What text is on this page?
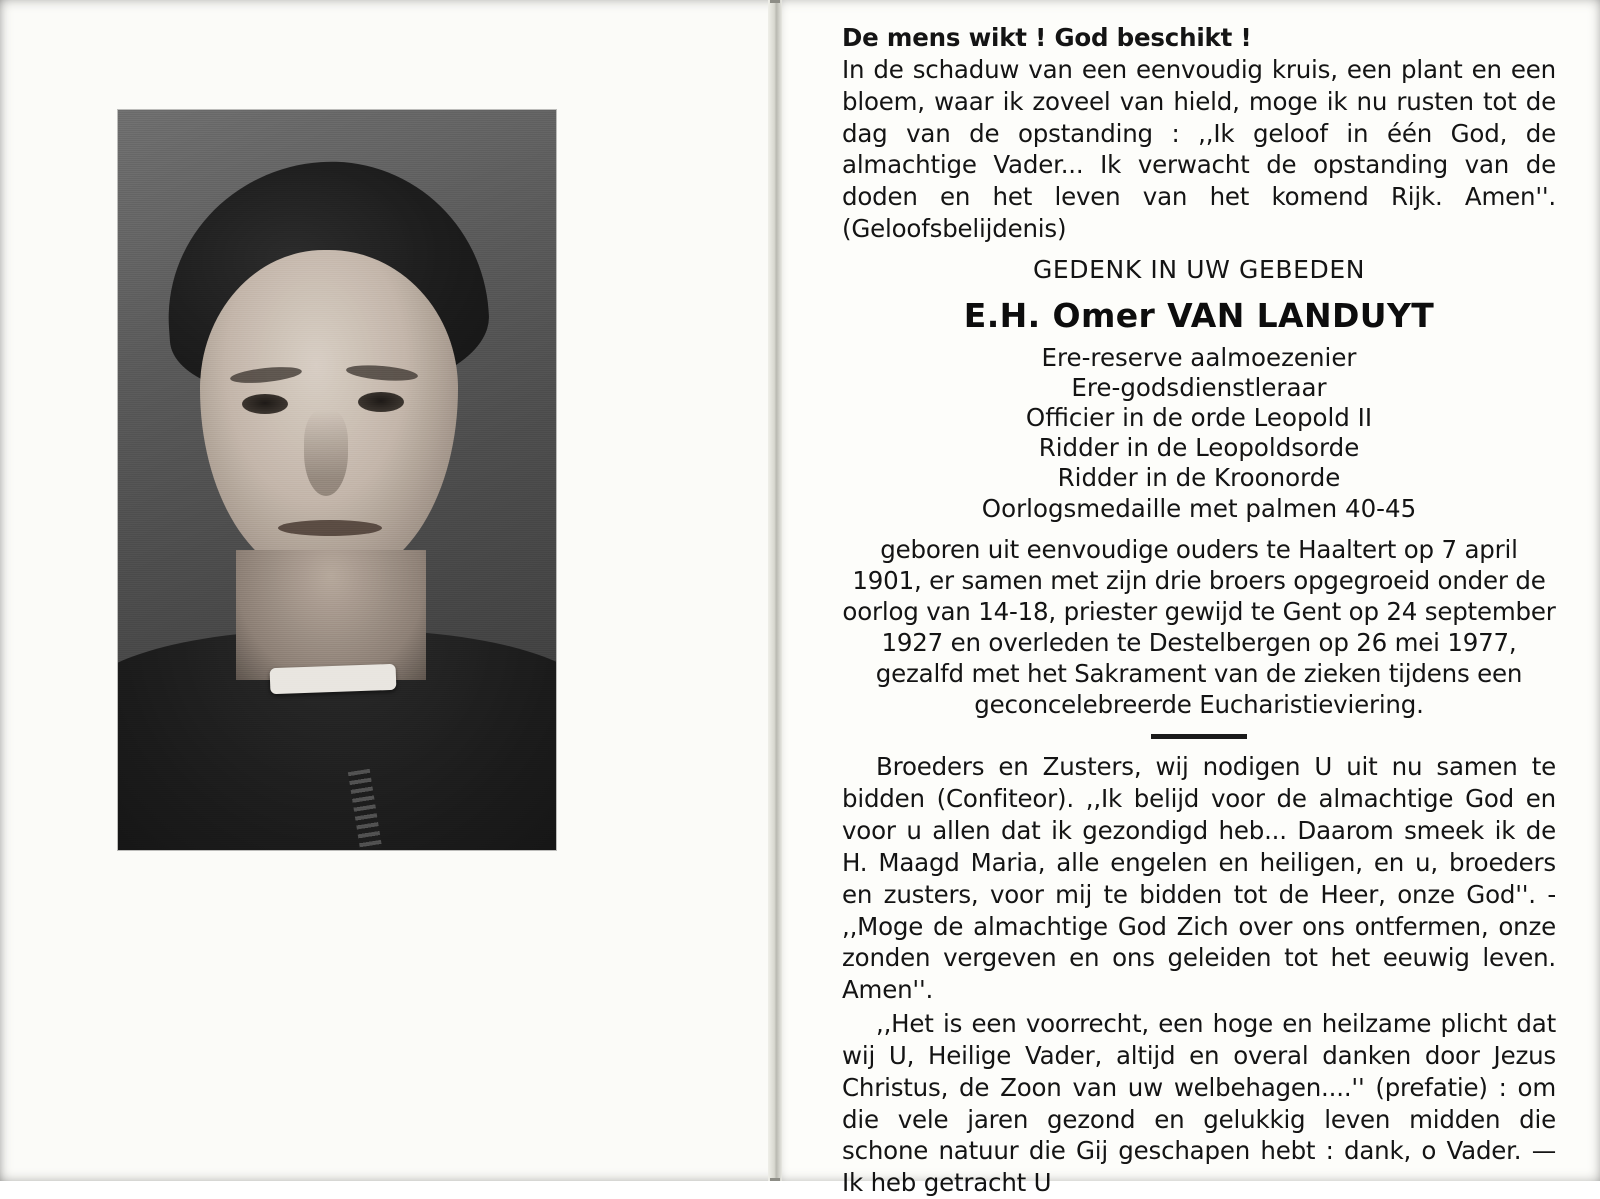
De mens wikt ! God beschikt !

In de schaduw van een eenvoudig kruis, een plant en een bloem, waar ik zoveel van hield, moge ik nu rusten tot de dag van de opstanding : ,,Ik geloof in één God, de almachtige Vader... Ik verwacht de opstanding van de doden en het leven van het komend Rijk. Amen''. (Geloofsbelijdenis)

GEDENK IN UW GEBEDEN

E.H. Omer VAN LANDUYT

Ere-reserve aalmoezenier

Ere-godsdienstleraar

Officier in de orde Leopold II

Ridder in de Leopoldsorde

Ridder in de Kroonorde

Oorlogsmedaille met palmen 40-45

geboren uit eenvoudige ouders te Haaltert op 7 april 1901, er samen met zijn drie broers opgegroeid onder de oorlog van 14-18, priester gewijd te Gent op 24 september 1927 en overleden te Destelbergen op 26 mei 1977, gezalfd met het Sakrament van de zieken tijdens een geconcelebreerde Eucharistieviering.

Broeders en Zusters, wij nodigen U uit nu samen te bidden (Confiteor). ,,Ik belijd voor de almachtige God en voor u allen dat ik gezondigd heb... Daarom smeek ik de H. Maagd Maria, alle engelen en heiligen, en u, broeders en zusters, voor mij te bidden tot de Heer, onze God''. - ,,Moge de almachtige God Zich over ons ontfermen, onze zonden vergeven en ons geleiden tot het eeuwig leven. Amen''.

,,Het is een voorrecht, een hoge en heilzame plicht dat wij U, Heilige Vader, altijd en overal danken door Jezus Christus, de Zoon van uw welbehagen....'' (prefatie) : om die vele jaren gezond en gelukkig leven midden die schone natuur die Gij geschapen hebt : dank, o Vader. — Ik heb getracht U
